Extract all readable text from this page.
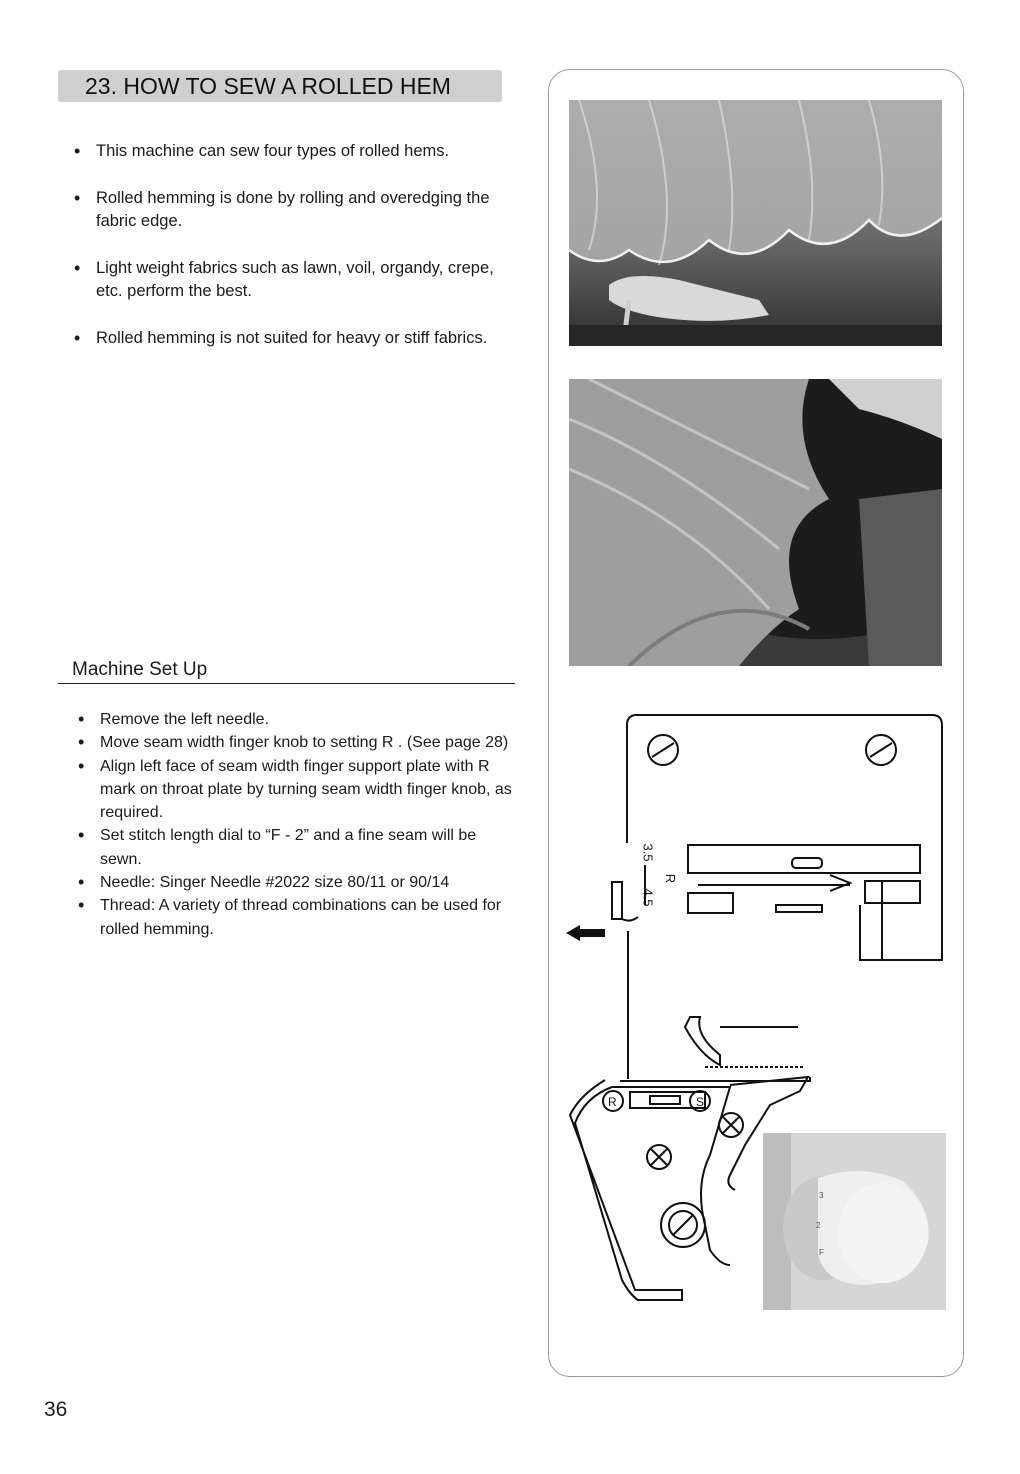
23. HOW TO SEW A ROLLED HEM
• This machine can sew four types of rolled hems.
• Rolled hemming is done by rolling and overedging the fabric edge.
• Light weight fabrics such as lawn, voil, organdy, crepe, etc. perform the best.
• Rolled hemming is not suited for heavy or stiff fabrics.
Machine Set Up
• Remove the left needle.
• Move seam width finger knob to setting R . (See page 28)
• Align left face of seam width finger support plate with R mark on throat plate by turning seam width finger knob, as required.
• Set stitch length dial to “F - 2” and a fine seam will be sewn.
• Needle: Singer Needle #2022 size 80/11 or 90/14
• Thread: A variety of thread combinations can be used for rolled hemming.
36
3.5
R
4.5
R	S
3
2
F
